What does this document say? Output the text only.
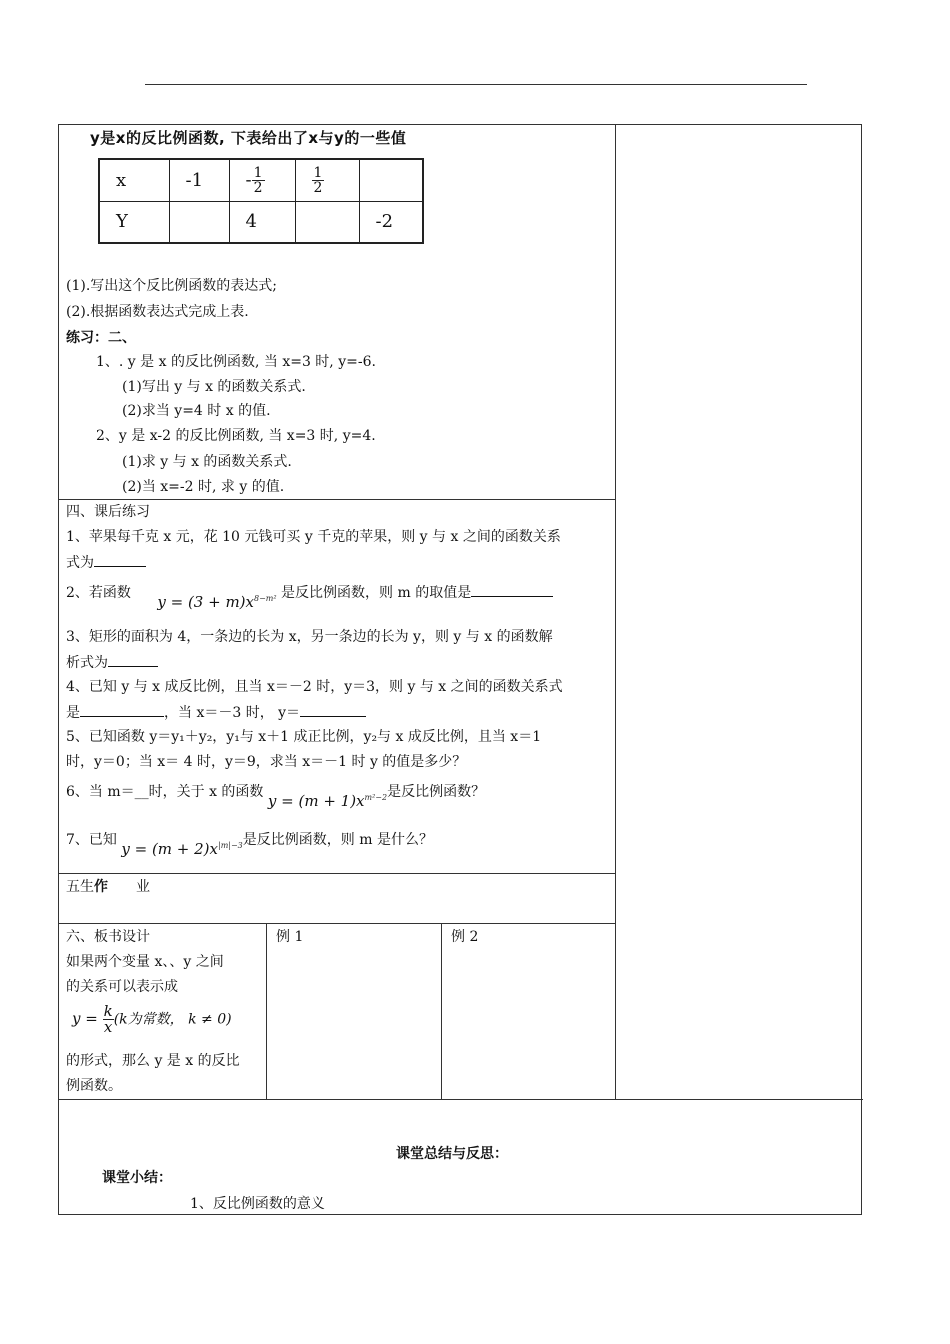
y是x的反比例函数, 下表给出了x与y的一些值
x	-1	- $\frac{1}{2}$	$\frac{1}{2}$

Y		4		-2
(1).写出这个反比例函数的表达式;
(2).根据函数表达式完成上表.
练习：二、
1、. y 是 x 的反比例函数, 当 x=3 时, y=-6.
(1)写出 y 与 x 的函数关系式.
(2)求当 y=4 时 x 的值.
2、y 是 x-2 的反比例函数, 当 x=3 时, y=4.
(1)求 y 与 x 的函数关系式.
(2)当 x=-2 时, 求 y 的值.
四、课后练习
1、苹果每千克 x 元，花 10 元钱可买 y 千克的苹果，则 y 与 x 之间的函数关系
式为
2、若函数 $y = (3 + m)x^{8-m^2}$ 是反比例函数，则 m 的取值是
3、矩形的面积为 4，一条边的长为 x，另一条边的长为 y，则 y 与 x 的函数解
析式为
4、已知 y 与 x 成反比例，且当 x＝－2 时，y＝3，则 y 与 x 之间的函数关系式
是	，当 x＝－3 时， y＝
5、已知函数 y＝y₁＋y₂，y₁与 x＋1 成正比例，y₂与 x 成反比例，且当 x＝1
时，y＝0；当 x＝ 4 时，y＝9，求当 x＝－1 时 y 的值是多少？
6、当 m＝__时，关于 x 的函数 $y = (m + 1)x^{m^2-2}$是反比例函数？
7、已知 $y = (m + 2)x^{|m|-3}$是反比例函数，则 m 是什么？
五生作 业
六、板书设计
如果两个变量 x、、y 之间
的关系可以表示成
$y = \frac{k}{x} (k$为常数， k ≠ 0)
的形式，那么 y 是 x 的反比
例函数。
例 1	例 2
课堂总结与反思：
课堂小结：
1、反比例函数的意义
